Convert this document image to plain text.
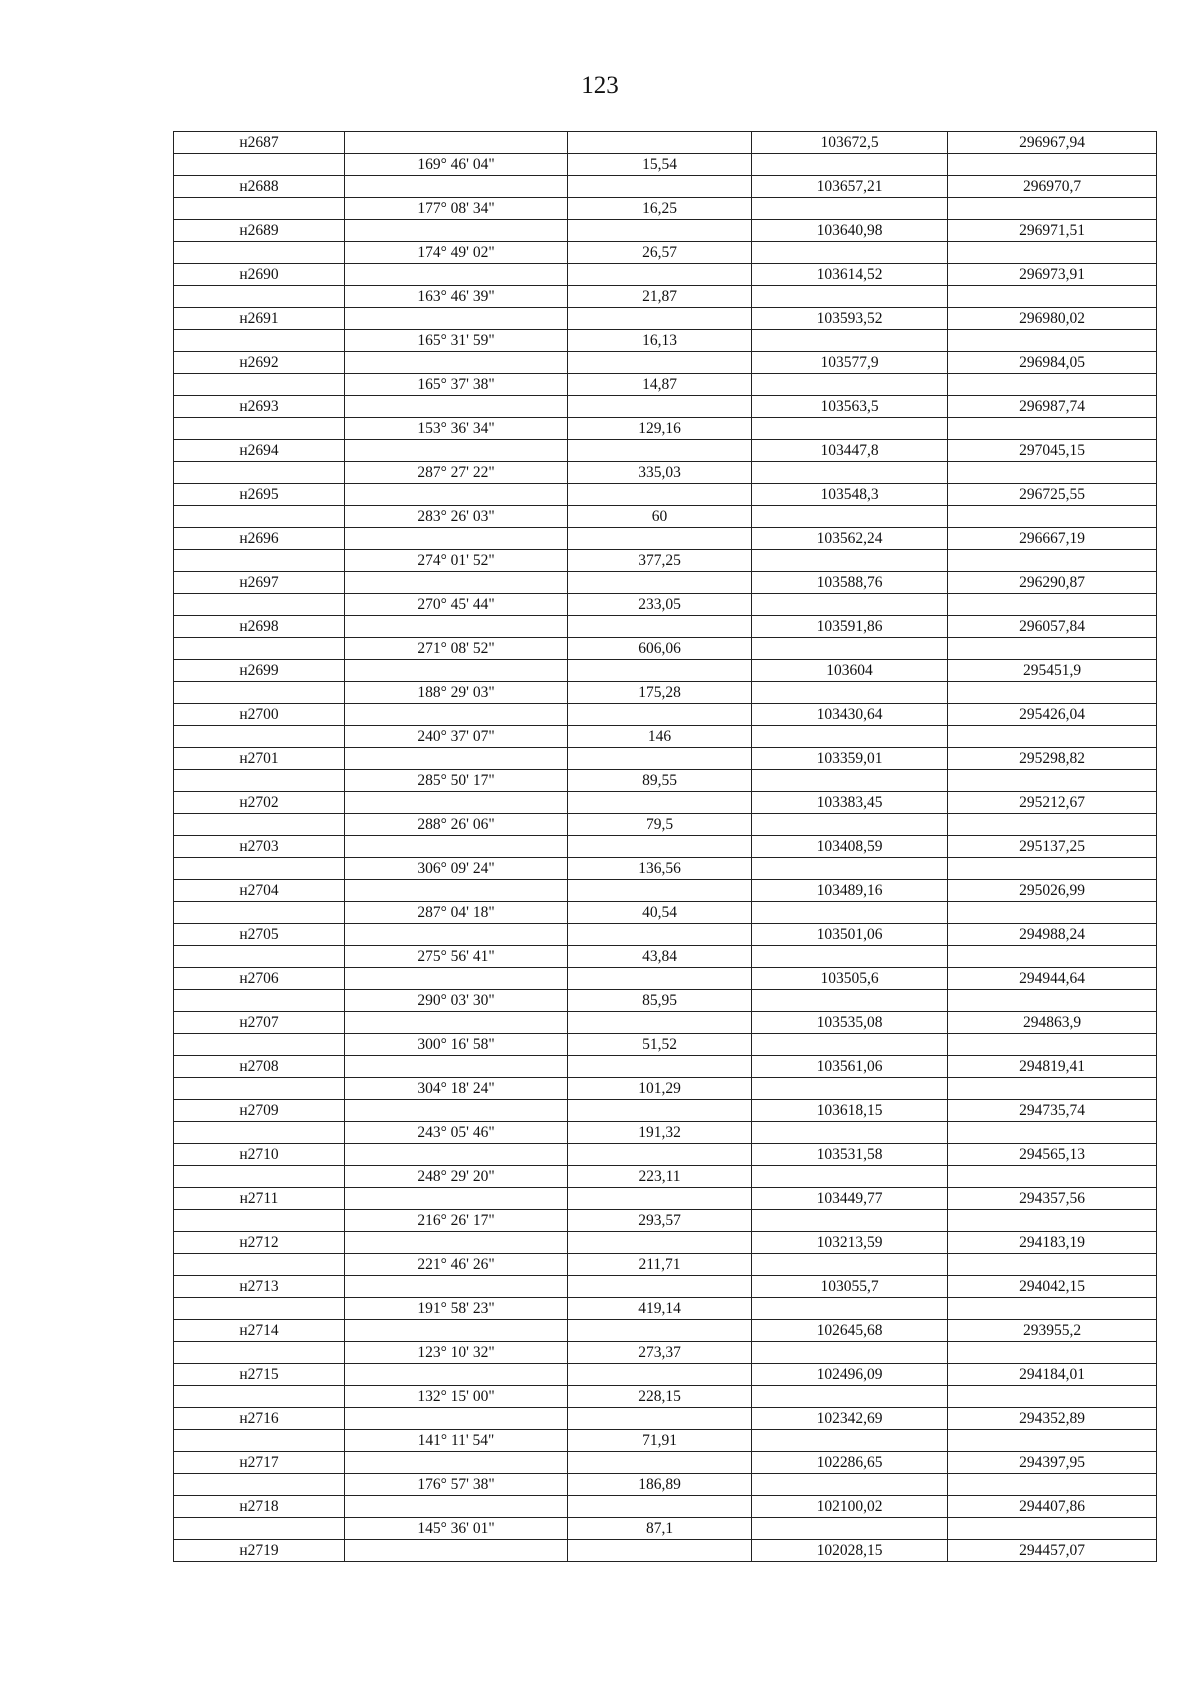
123
н2687			103672,5	296967,94
	169° 46' 04"	15,54		
н2688			103657,21	296970,7
	177° 08' 34"	16,25		
н2689			103640,98	296971,51
	174° 49' 02"	26,57		
н2690			103614,52	296973,91
	163° 46' 39"	21,87		
н2691			103593,52	296980,02
	165° 31' 59"	16,13		
н2692			103577,9	296984,05
	165° 37' 38"	14,87		
н2693			103563,5	296987,74
	153° 36' 34"	129,16		
н2694			103447,8	297045,15
	287° 27' 22"	335,03		
н2695			103548,3	296725,55
	283° 26' 03"	60		
н2696			103562,24	296667,19
	274° 01' 52"	377,25		
н2697			103588,76	296290,87
	270° 45' 44"	233,05		
н2698			103591,86	296057,84
	271° 08' 52"	606,06		
н2699			103604	295451,9
	188° 29' 03"	175,28		
н2700			103430,64	295426,04
	240° 37' 07"	146		
н2701			103359,01	295298,82
	285° 50' 17"	89,55		
н2702			103383,45	295212,67
	288° 26' 06"	79,5		
н2703			103408,59	295137,25
	306° 09' 24"	136,56		
н2704			103489,16	295026,99
	287° 04' 18"	40,54		
н2705			103501,06	294988,24
	275° 56' 41"	43,84		
н2706			103505,6	294944,64
	290° 03' 30"	85,95		
н2707			103535,08	294863,9
	300° 16' 58"	51,52		
н2708			103561,06	294819,41
	304° 18' 24"	101,29		
н2709			103618,15	294735,74
	243° 05' 46"	191,32		
н2710			103531,58	294565,13
	248° 29' 20"	223,11		
н2711			103449,77	294357,56
	216° 26' 17"	293,57		
н2712			103213,59	294183,19
	221° 46' 26"	211,71		
н2713			103055,7	294042,15
	191° 58' 23"	419,14		
н2714			102645,68	293955,2
	123° 10' 32"	273,37		
н2715			102496,09	294184,01
	132° 15' 00"	228,15		
н2716			102342,69	294352,89
	141° 11' 54"	71,91		
н2717			102286,65	294397,95
	176° 57' 38"	186,89		
н2718			102100,02	294407,86
	145° 36' 01"	87,1		
н2719			102028,15	294457,07
